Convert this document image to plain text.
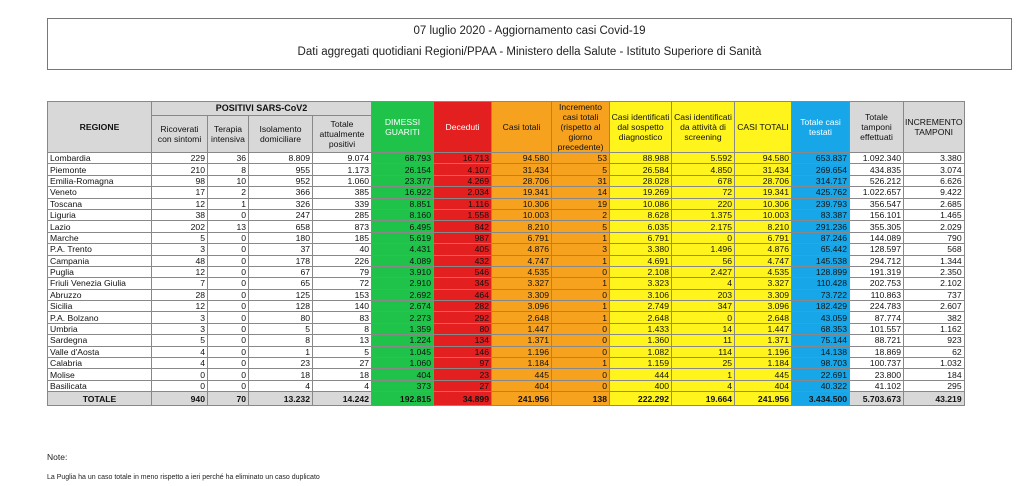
07 luglio 2020 - Aggiornamento casi Covid-19
Dati aggregati quotidiani Regioni/PPAA - Ministero della Salute - Istituto Superiore di Sanità
REGIONE	POSITIVI SARS-CoV2				DIMESSI GUARITI	Deceduti	Casi totali	Incremento casi totali (rispetto al giorno precedente)	Casi identificati dal sospetto diagnostico	Casi identificati da attività di screening	CASI TOTALI	Totale casi testati	Totale tamponi effettuati	INCREMENTO TAMPONI
	Ricoverati con sintomi	Terapia intensiva	Isolamento domiciliare	Totale attualmente positivi										
Lombardia	229	36	8.809	9.074	68.793	16.713	94.580	53	88.988	5.592	94.580	653.837	1.092.340	3.380
Piemonte	210	8	955	1.173	26.154	4.107	31.434	5	26.584	4.850	31.434	269.654	434.835	3.074
Emilia-Romagna	98	10	952	1.060	23.377	4.269	28.706	31	28.028	678	28.706	314.717	526.212	6.626
Veneto	17	2	366	385	16.922	2.034	19.341	14	19.269	72	19.341	425.762	1.022.657	9.422
Toscana	12	1	326	339	8.851	1.116	10.306	19	10.086	220	10.306	239.793	356.547	2.685
Liguria	38	0	247	285	8.160	1.558	10.003	2	8.628	1.375	10.003	83.387	156.101	1.465
Lazio	202	13	658	873	6.495	842	8.210	5	6.035	2.175	8.210	291.236	355.305	2.029
Marche	5	0	180	185	5.619	987	6.791	1	6.791	0	6.791	87.246	144.089	790
P.A. Trento	3	0	37	40	4.431	405	4.876	3	3.380	1.496	4.876	65.442	128.597	568
Campania	48	0	178	226	4.089	432	4.747	1	4.691	56	4.747	145.538	294.712	1.344
Puglia	12	0	67	79	3.910	546	4.535	0	2.108	2.427	4.535	128.899	191.319	2.350
Friuli Venezia Giulia	7	0	65	72	2.910	345	3.327	1	3.323	4	3.327	110.428	202.753	2.102
Abruzzo	28	0	125	153	2.692	464	3.309	0	3.106	203	3.309	73.722	110.863	737
Sicilia	12	0	128	140	2.674	282	3.096	1	2.749	347	3.096	182.429	224.783	2.607
P.A. Bolzano	3	0	80	83	2.273	292	2.648	1	2.648	0	2.648	43.059	87.774	382
Umbria	3	0	5	8	1.359	80	1.447	0	1.433	14	1.447	68.353	101.557	1.162
Sardegna	5	0	8	13	1.224	134	1.371	0	1.360	11	1.371	75.144	88.721	923
Valle d'Aosta	4	0	1	5	1.045	146	1.196	0	1.082	114	1.196	14.138	18.869	62
Calabria	4	0	23	27	1.060	97	1.184	1	1.159	25	1.184	98.703	100.737	1.032
Molise	0	0	18	18	404	23	445	0	444	1	445	22.691	23.800	184
Basilicata	0	0	4	4	373	27	404	0	400	4	404	40.322	41.102	295
TOTALE	940	70	13.232	14.242	192.815	34.899	241.956	138	222.292	19.664	241.956	3.434.500	5.703.673	43.219
Note:
La Puglia ha un caso totale in meno rispetto a ieri perché ha eliminato un caso duplicato
